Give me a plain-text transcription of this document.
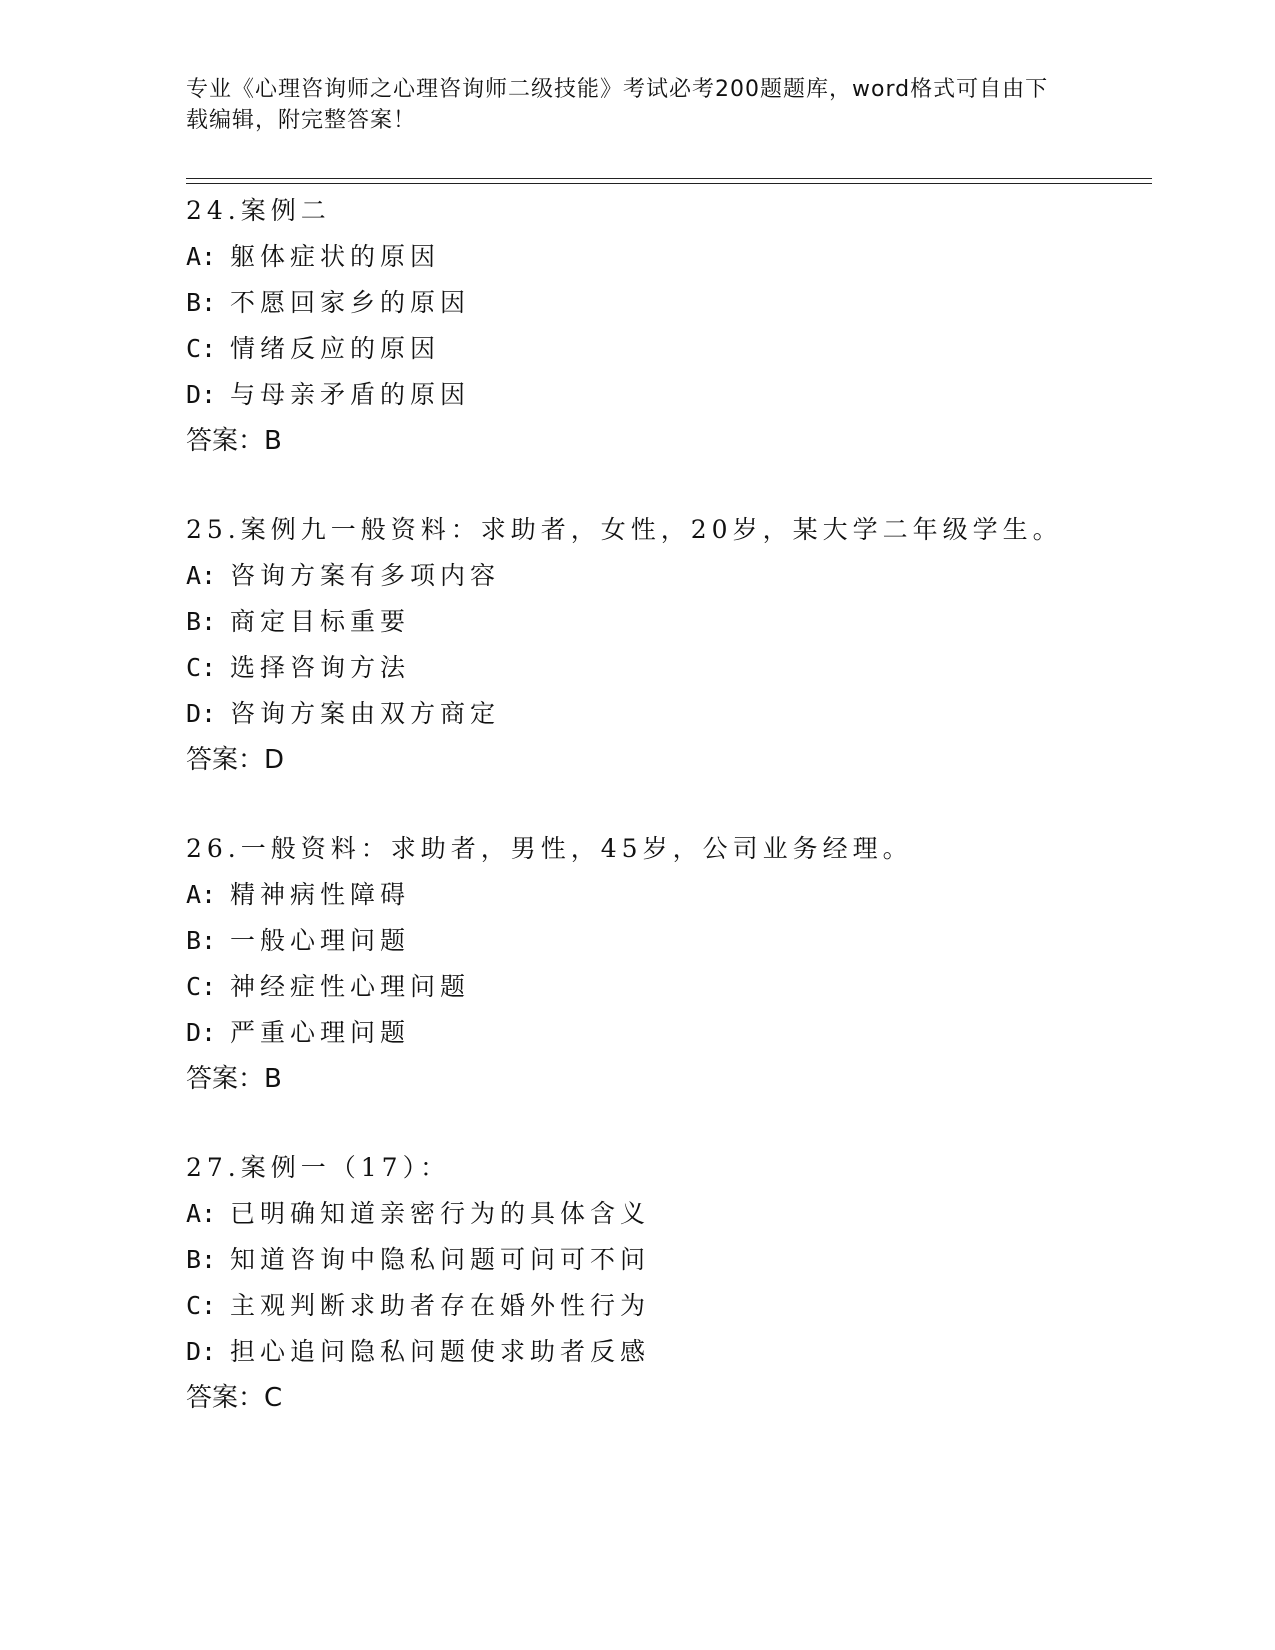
专业《心理咨询师之心理咨询师二级技能》考试必考200题题库，word格式可自由下载编辑，附完整答案！
24.案例二
A: 躯体症状的原因
B: 不愿回家乡的原因
C: 情绪反应的原因
D: 与母亲矛盾的原因
答案：B
25.案例九一般资料：求助者，女性，20岁，某大学二年级学生。
A: 咨询方案有多项内容
B: 商定目标重要
C: 选择咨询方法
D: 咨询方案由双方商定
答案：D
26.一般资料：求助者，男性，45岁，公司业务经理。
A: 精神病性障碍
B: 一般心理问题
C: 神经症性心理问题
D: 严重心理问题
答案：B
27.案例一（17）：
A: 已明确知道亲密行为的具体含义
B: 知道咨询中隐私问题可问可不问
C: 主观判断求助者存在婚外性行为
D: 担心追问隐私问题使求助者反感
答案：C
